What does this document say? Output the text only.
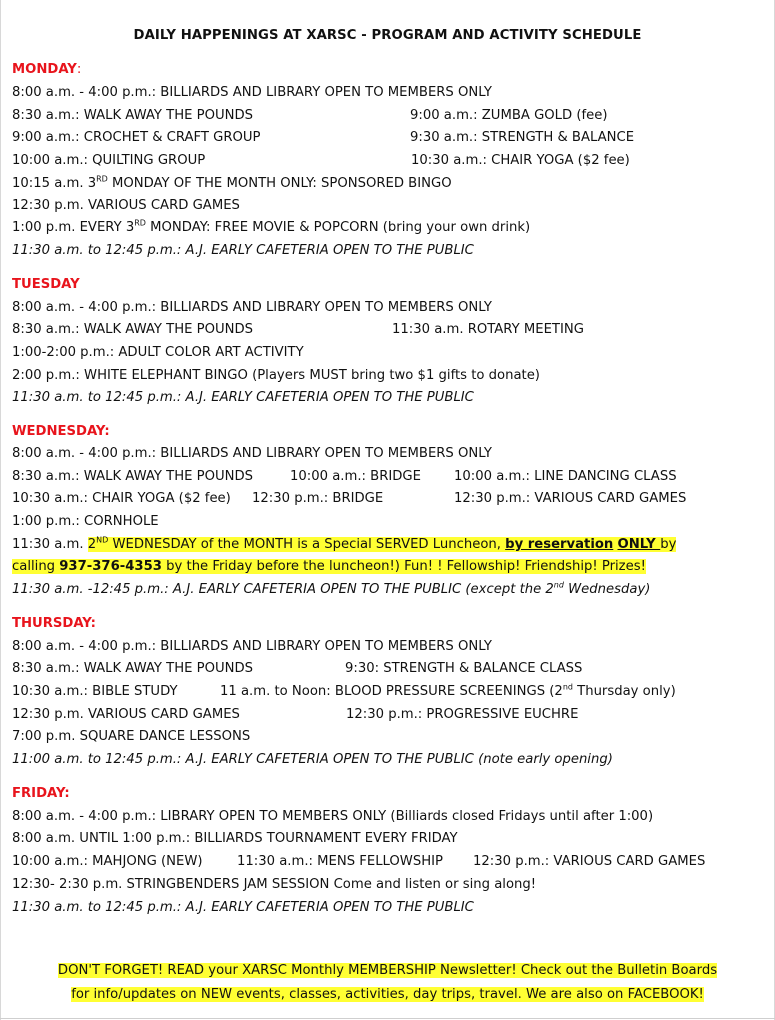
DAILY HAPPENINGS AT XARSC - PROGRAM AND ACTIVITY SCHEDULE
MONDAY:
8:00 a.m. - 4:00 p.m.: BILLIARDS AND LIBRARY OPEN TO MEMBERS ONLY
8:30 a.m.: WALK AWAY THE POUNDS	9:00 a.m.: ZUMBA GOLD (fee)
9:00 a.m.: CROCHET & CRAFT GROUP	9:30 a.m.: STRENGTH & BALANCE
10:00 a.m.: QUILTING GROUP	10:30 a.m.: CHAIR YOGA ($2 fee)
10:15 a.m. 3RD MONDAY OF THE MONTH ONLY: SPONSORED BINGO
12:30 p.m. VARIOUS CARD GAMES
1:00 p.m. EVERY 3RD MONDAY: FREE MOVIE & POPCORN (bring your own drink)
11:30 a.m. to 12:45 p.m.: A.J. EARLY CAFETERIA OPEN TO THE PUBLIC
TUESDAY
8:00 a.m. - 4:00 p.m.: BILLIARDS AND LIBRARY OPEN TO MEMBERS ONLY
8:30 a.m.: WALK AWAY THE POUNDS	11:30 a.m. ROTARY MEETING
1:00-2:00 p.m.: ADULT COLOR ART ACTIVITY
2:00 p.m.: WHITE ELEPHANT BINGO (Players MUST bring two $1 gifts to donate)
11:30 a.m. to 12:45 p.m.: A.J. EARLY CAFETERIA OPEN TO THE PUBLIC
WEDNESDAY:
8:00 a.m. - 4:00 p.m.: BILLIARDS AND LIBRARY OPEN TO MEMBERS ONLY
8:30 a.m.: WALK AWAY THE POUNDS	10:00 a.m.: BRIDGE	10:00 a.m.: LINE DANCING CLASS
10:30 a.m.: CHAIR YOGA ($2 fee) 12:30 p.m.: BRIDGE	12:30 p.m.: VARIOUS CARD GAMES
1:00 p.m.: CORNHOLE
11:30 a.m. 2ND WEDNESDAY of the MONTH is a Special SERVED Luncheon, by reservation ONLY by
calling 937-376-4353 by the Friday before the luncheon!) Fun! ! Fellowship! Friendship! Prizes!
11:30 a.m. -12:45 p.m.: A.J. EARLY CAFETERIA OPEN TO THE PUBLIC (except the 2nd Wednesday)
THURSDAY:
8:00 a.m. - 4:00 p.m.: BILLIARDS AND LIBRARY OPEN TO MEMBERS ONLY
8:30 a.m.: WALK AWAY THE POUNDS	9:30: STRENGTH & BALANCE CLASS
10:30 a.m.: BIBLE STUDY	11 a.m. to Noon: BLOOD PRESSURE SCREENINGS (2nd Thursday only)
12:30 p.m. VARIOUS CARD GAMES	12:30 p.m.: PROGRESSIVE EUCHRE
7:00 p.m. SQUARE DANCE LESSONS
11:00 a.m. to 12:45 p.m.: A.J. EARLY CAFETERIA OPEN TO THE PUBLIC (note early opening)
FRIDAY:
8:00 a.m. - 4:00 p.m.: LIBRARY OPEN TO MEMBERS ONLY (Billiards closed Fridays until after 1:00)
8:00 a.m. UNTIL 1:00 p.m.: BILLIARDS TOURNAMENT EVERY FRIDAY
10:00 a.m.: MAHJONG (NEW)	11:30 a.m.: MENS FELLOWSHIP 12:30 p.m.: VARIOUS CARD GAMES
12:30- 2:30 p.m. STRINGBENDERS JAM SESSION Come and listen or sing along!
11:30 a.m. to 12:45 p.m.: A.J. EARLY CAFETERIA OPEN TO THE PUBLIC
DON'T FORGET! READ your XARSC Monthly MEMBERSHIP Newsletter! Check out the Bulletin Boards
for info/updates on NEW events, classes, activities, day trips, travel. We are also on FACEBOOK!
